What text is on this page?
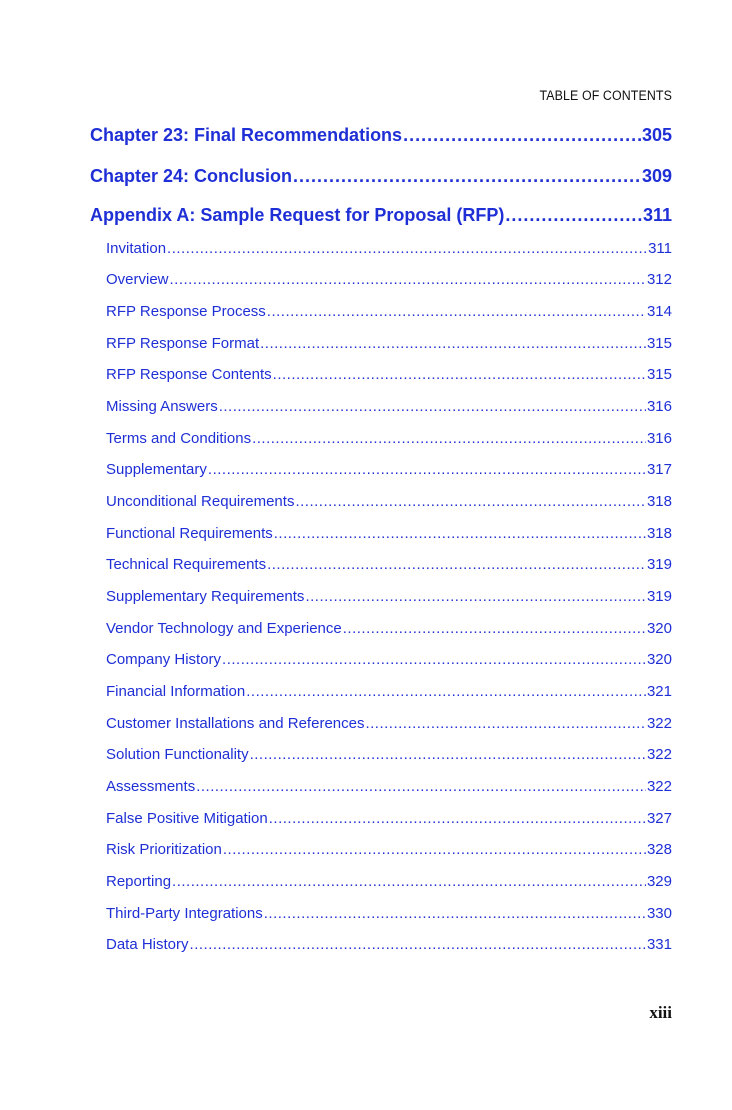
TABLE OF CONTENTS
Chapter 23: Final Recommendations .....	305
Chapter 24: Conclusion .....	309
Appendix A: Sample Request for Proposal (RFP) .....	311
Invitation .....	311
Overview .....	312
RFP Response Process .....	314
RFP Response Format .....	315
RFP Response Contents .....	315
Missing Answers .....	316
Terms and Conditions .....	316
Supplementary .....	317
Unconditional Requirements .....	318
Functional Requirements .....	318
Technical Requirements .....	319
Supplementary Requirements .....	319
Vendor Technology and Experience .....	320
Company History .....	320
Financial Information .....	321
Customer Installations and References .....	322
Solution Functionality .....	322
Assessments .....	322
False Positive Mitigation .....	327
Risk Prioritization .....	328
Reporting .....	329
Third-Party Integrations .....	330
Data History .....	331
xiii
